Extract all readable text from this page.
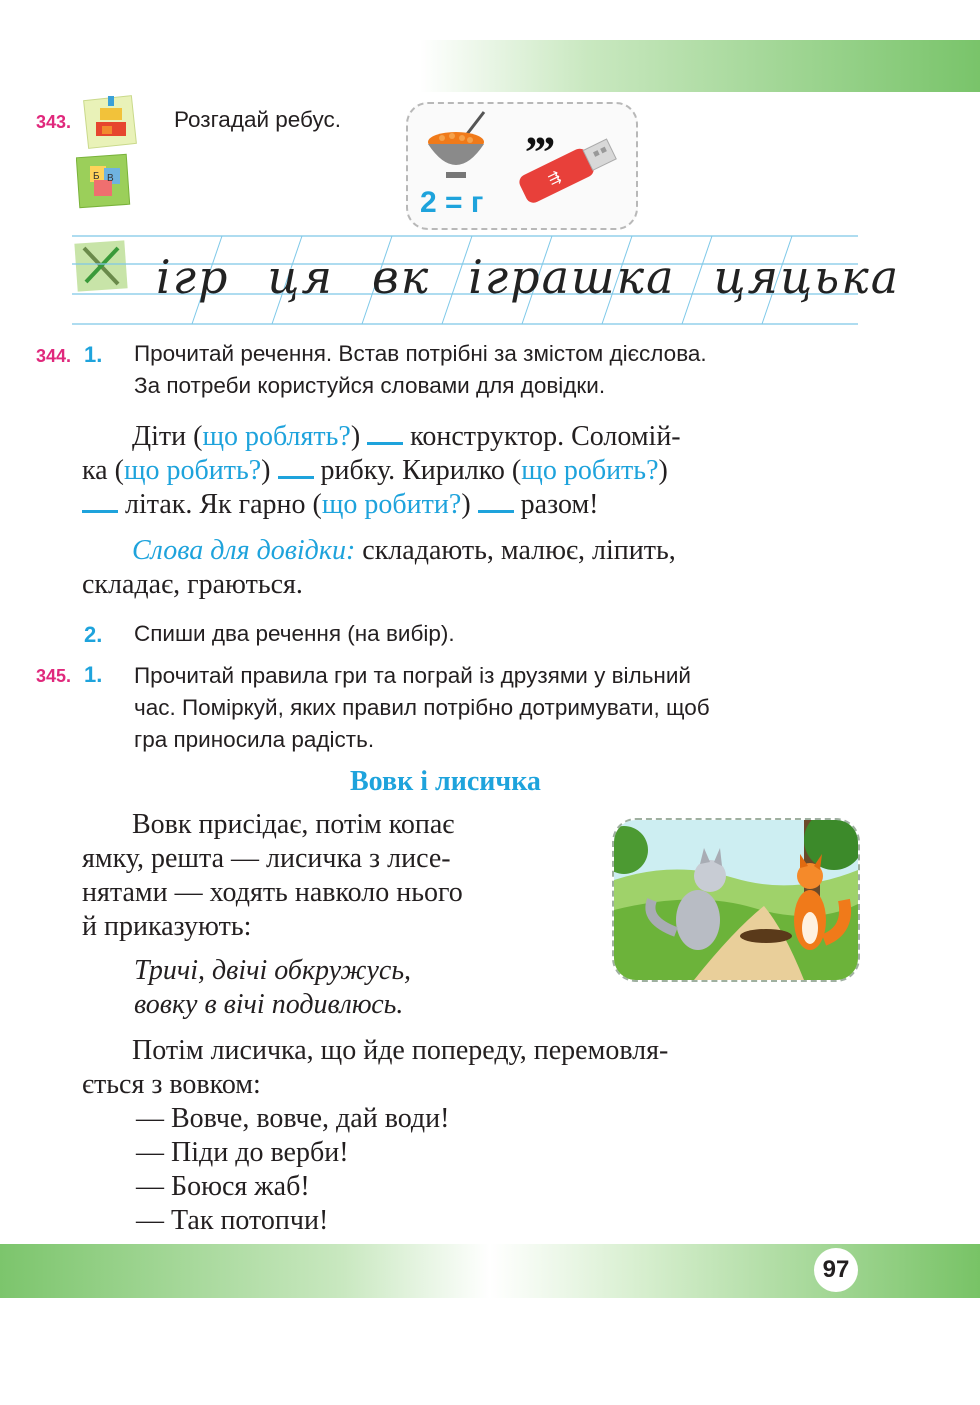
97
343.
Б В
Розгадай ребус.	,,,
⇶
2 = г
ігр ця вк іграшка цяцька
344. 1. Прочитай речення. Встав потрібні за змістом дієслова.
За потреби користуйся словами для довідки.
Діти (що роблять?)  конструктор. Соломій-
ка (що робить?)  рибку. Кирилко (що робить?)
літак. Як гарно (що робити?)  разом!
Слова для довідки: складають, малює, ліпить,
складає, граються.
2. Спиши два речення (на вибір).
345. 1. Прочитай правила гри та пограй із друзями у вільний
час. Поміркуй, яких правил потрібно дотримувати, щоб
гра приносила радість.
Вовк і лисичка
Вовк присідає, потім копає
ямку, решта — лисичка з лисе-
нятами — ходять навколо нього
й приказують:
Тричі, двічі обкружусь,
вовку в вічі подивлюсь.
Потім лисичка, що йде попереду, перемовля-
ється з вовком:
— Вовче, вовче, дай води!
— Піди до верби!
— Боюся жаб!
— Так потопчи!
